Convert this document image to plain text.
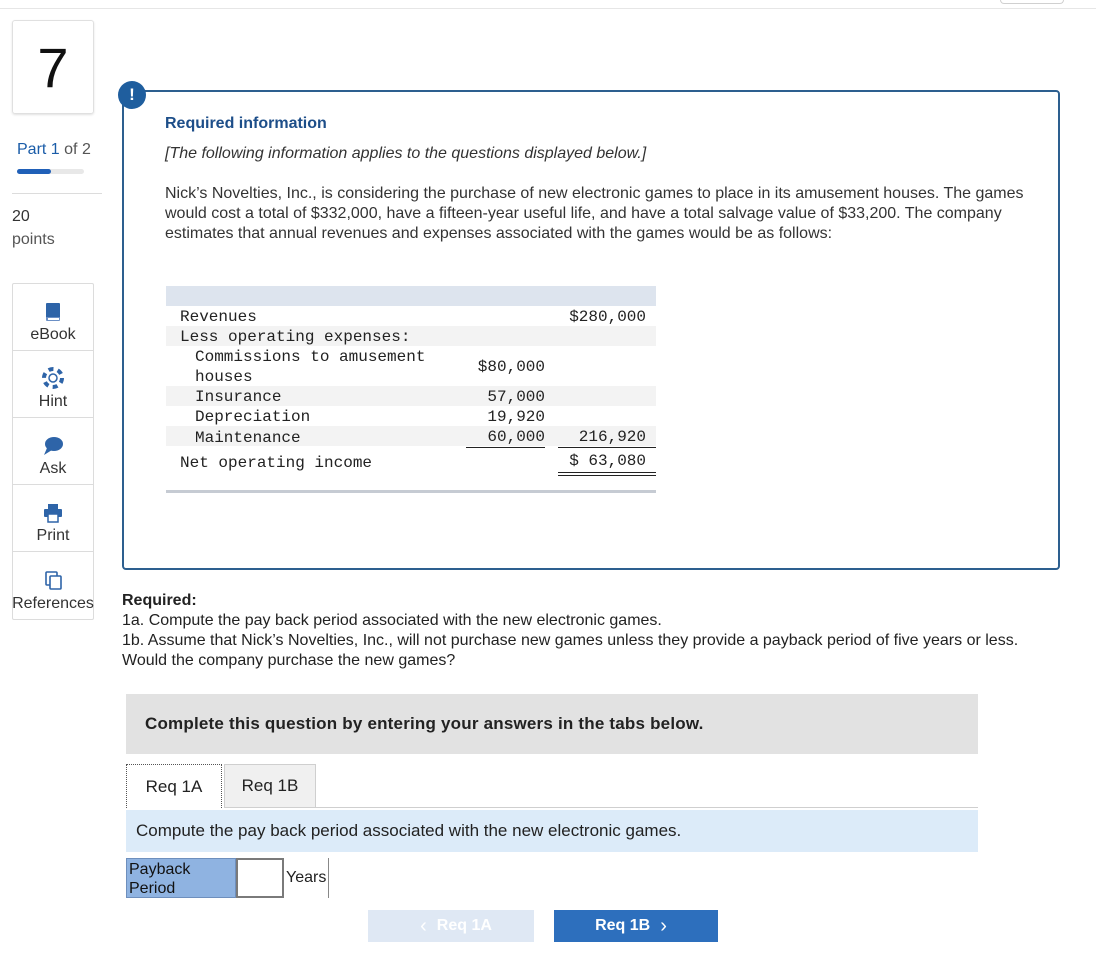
7
Part 1 of 2
20
points
eBook
Hint
Ask
Print
References
!
Required information
[The following information applies to the questions displayed below.]
Nick’s Novelties, Inc., is considering the purchase of new electronic games to place in its amusement houses. The games would cost a total of $332,000, have a fifteen-year useful life, and have a total salvage value of $33,200. The company estimates that annual revenues and expenses associated with the games would be as follows:
Revenues	$280,000
Less operating expenses:
Commissions to amusement
houses
$80,000
Insurance	57,000
Depreciation	19,920
Maintenance	60,000 216,920
Net operating income	$ 63,080
Required:
1a. Compute the pay back period associated with the new electronic games.
1b. Assume that Nick’s Novelties, Inc., will not purchase new games unless they provide a payback period of five years or less. Would the company purchase the new games?
Complete this question by entering your answers in the tabs below.
Req 1A	Req 1B
Compute the pay back period associated with the new electronic games.
Payback Period
Years
‹ Req 1A	Req 1B ›
